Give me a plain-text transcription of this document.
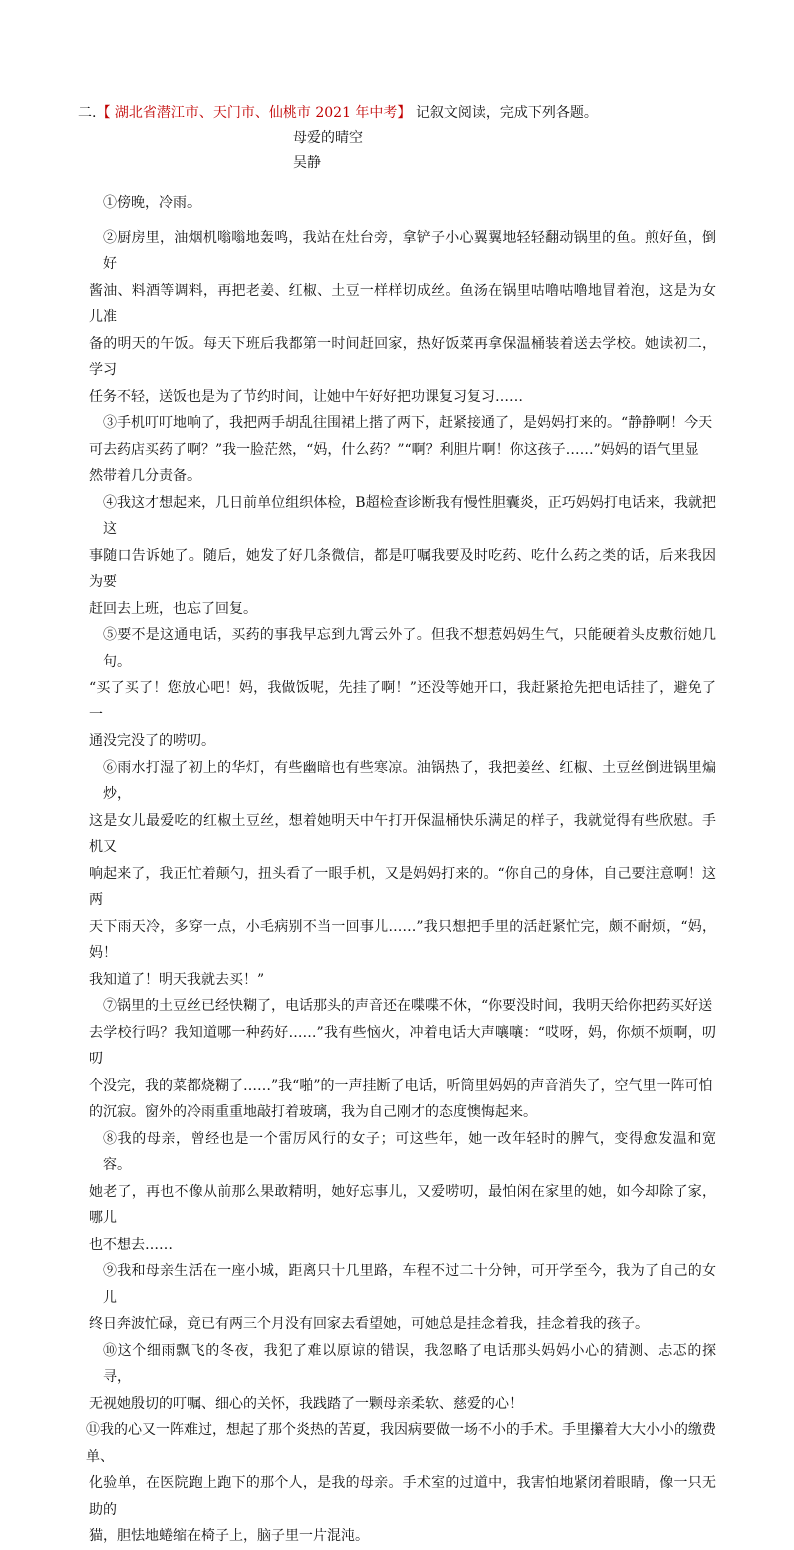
二.【 湖北省潜江市、天门市、仙桃市 2021 年中考】 记叙文阅读，完成下列各题。
母爱的晴空
吴静

①傍晚，冷雨。

②厨房里，油烟机嗡嗡地轰鸣，我站在灶台旁，拿铲子小心翼翼地轻轻翻动锅里的鱼。煎好鱼，倒好

酱油、料酒等调料，再把老姜、红椒、土豆一样样切成丝。鱼汤在锅里咕噜咕噜地冒着泡，这是为女儿准

备的明天的午饭。每天下班后我都第一时间赶回家，热好饭菜再拿保温桶装着送去学校。她读初二，学习

任务不轻，送饭也是为了节约时间，让她中午好好把功课复习复习……

③手机叮叮地响了，我把两手胡乱往围裙上揩了两下，赶紧接通了，是妈妈打来的。“静静啊！今天

可去药店买药了啊？”我一脸茫然，“妈，什么药？”“啊？利胆片啊！你这孩子……”妈妈的语气里显

然带着几分责备。

④我这才想起来，几日前单位组织体检，B超检查诊断我有慢性胆囊炎，正巧妈妈打电话来，我就把这

事随口告诉她了。随后，她发了好几条微信，都是叮嘱我要及时吃药、吃什么药之类的话，后来我因为要

赶回去上班，也忘了回复。

⑤要不是这通电话，买药的事我早忘到九霄云外了。但我不想惹妈妈生气，只能硬着头皮敷衍她几句。

“买了买了！您放心吧！妈，我做饭呢，先挂了啊！”还没等她开口，我赶紧抢先把电话挂了，避免了一

通没完没了的唠叨。

⑥雨水打湿了初上的华灯，有些幽暗也有些寒凉。油锅热了，我把姜丝、红椒、土豆丝倒进锅里煸炒，

这是女儿最爱吃的红椒土豆丝，想着她明天中午打开保温桶快乐满足的样子，我就觉得有些欣慰。手机又

响起来了，我正忙着颠勺，扭头看了一眼手机，又是妈妈打来的。“你自己的身体，自己要注意啊！这两

天下雨天冷，多穿一点，小毛病别不当一回事儿……”我只想把手里的活赶紧忙完，颇不耐烦，“妈，妈！

我知道了！明天我就去买！”

⑦锅里的土豆丝已经快糊了，电话那头的声音还在喋喋不休，“你要没时间，我明天给你把药买好送

去学校行吗？我知道哪一种药好……”我有些恼火，冲着电话大声嚷嚷：“哎呀，妈，你烦不烦啊，叨叨

个没完，我的菜都烧糊了……”我“啪”的一声挂断了电话，听筒里妈妈的声音消失了，空气里一阵可怕

的沉寂。窗外的冷雨重重地敲打着玻璃，我为自己刚才的态度懊悔起来。

⑧我的母亲，曾经也是一个雷厉风行的女子；可这些年，她一改年轻时的脾气，变得愈发温和宽容。

她老了，再也不像从前那么果敢精明，她好忘事儿，又爱唠叨，最怕闲在家里的她，如今却除了家，哪儿

也不想去……

⑨我和母亲生活在一座小城，距离只十几里路，车程不过二十分钟，可开学至今，我为了自己的女儿

终日奔波忙碌，竟已有两三个月没有回家去看望她，可她总是挂念着我，挂念着我的孩子。

⑩这个细雨飘飞的冬夜，我犯了难以原谅的错误，我忽略了电话那头妈妈小心的猜测、忐忑的探寻，

无视她殷切的叮嘱、细心的关怀，我践踏了一颗母亲柔软、慈爱的心！

⑪我的心又一阵难过，想起了那个炎热的苦夏，我因病要做一场不小的手术。手里攥着大大小小的缴费单、

化验单，在医院跑上跑下的那个人，是我的母亲。手术室的过道中，我害怕地紧闭着眼睛，像一只无助的

猫，胆怯地蜷缩在椅子上，脑子里一片混沌。
